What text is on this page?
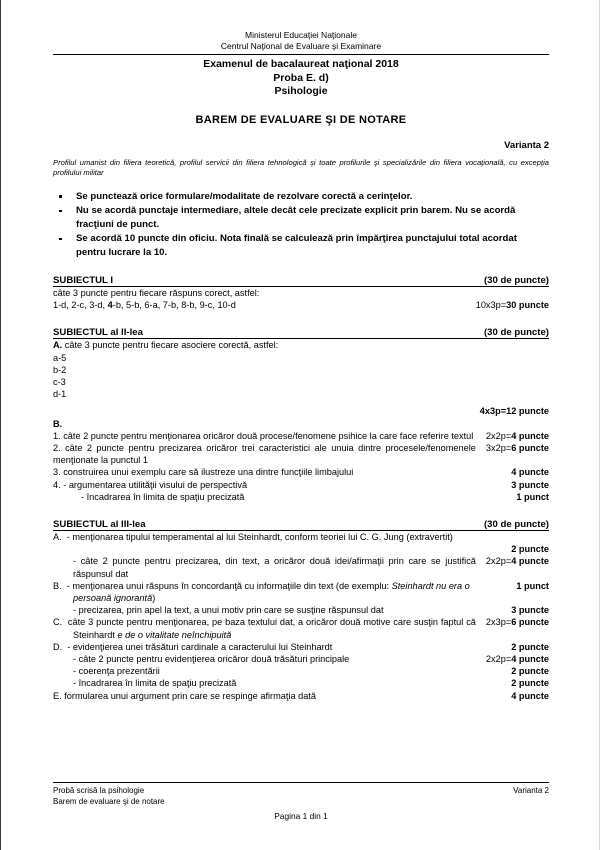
Ministerul Educaţiei Naţionale
Centrul Naţional de Evaluare şi Examinare
Examenul de bacalaureat naţional 2018
Proba E. d)
Psihologie
BAREM DE EVALUARE ŞI DE NOTARE
Varianta 2
Profilul umanist din filiera teoretică, profilul servicii din filiera tehnologică şi toate profilurile şi specializările din filiera vocaţională, cu excepţia profilului militar
Se punctează orice formulare/modalitate de rezolvare corectă a cerinţelor.
Nu se acordă punctaje intermediare, altele decât cele precizate explicit prin barem. Nu se acordă fracţiuni de punct.
Se acordă 10 puncte din oficiu. Nota finală se calculează prin împărţirea punctajului total acordat pentru lucrare la 10.
SUBIECTUL I	(30 de puncte)
câte 3 puncte pentru fiecare răspuns corect, astfel:
1-d, 2-c, 3-d, 4-b, 5-b, 6-a, 7-b, 8-b, 9-c, 10-d	10x3p=30 puncte
SUBIECTUL al II-lea	(30 de puncte)
A. câte 3 puncte pentru fiecare asociere corectă, astfel:
a-5
b-2
c-3
d-1
4x3p=12 puncte
B.
1. câte 2 puncte pentru menţionarea oricăror două procese/fenomene psihice la care face referire textul 2x2p=4 puncte
2. câte 2 puncte pentru precizarea oricăror trei caracteristici ale unuia dintre procesele/fenomenele menţionate la punctul 1
3x2p=6 puncte
3. construirea unui exemplu care să ilustreze una dintre funcţiile limbajului	4 puncte
4. - argumentarea utilităţii visului de perspectivă	3 puncte
- încadrarea în limita de spaţiu precizată	1 punct
SUBIECTUL al III-lea	(30 de puncte)
A. - menţionarea tipului temperamental al lui Steinhardt, conform teoriei lui C. G. Jung (extravertit)
2 puncte
- câte 2 puncte pentru precizarea, din text, a oricăror două idei/afirmaţii prin care se justifică răspunsul dat
2x2p=4 puncte
B. - menţionarea unui răspuns în concordanţă cu informaţiile din text (de exemplu: Steinhardt nu era o persoană ignorantă)
1 punct
- precizarea, prin apel la text, a unui motiv prin care se susţine răspunsul dat	3 puncte
C. câte 3 puncte pentru menţionarea, pe baza textului dat, a oricăror două motive care susţin faptul că Steinhardt e de o vitalitate neînchipuită
2x3p=6 puncte
D. - evidenţierea unei trăsături cardinale a caracterului lui Steinhardt	2 puncte
- câte 2 puncte pentru evidenţierea oricăror două trăsături principale	2x2p=4 puncte
- coerenţa prezentării	2 puncte
- încadrarea în limita de spaţiu precizată	2 puncte
E. formularea unui argument prin care se respinge afirmaţia dată	4 puncte
Probă scrisă la psihologie
Barem de evaluare şi de notare
Varianta 2
Pagina 1 din 1
